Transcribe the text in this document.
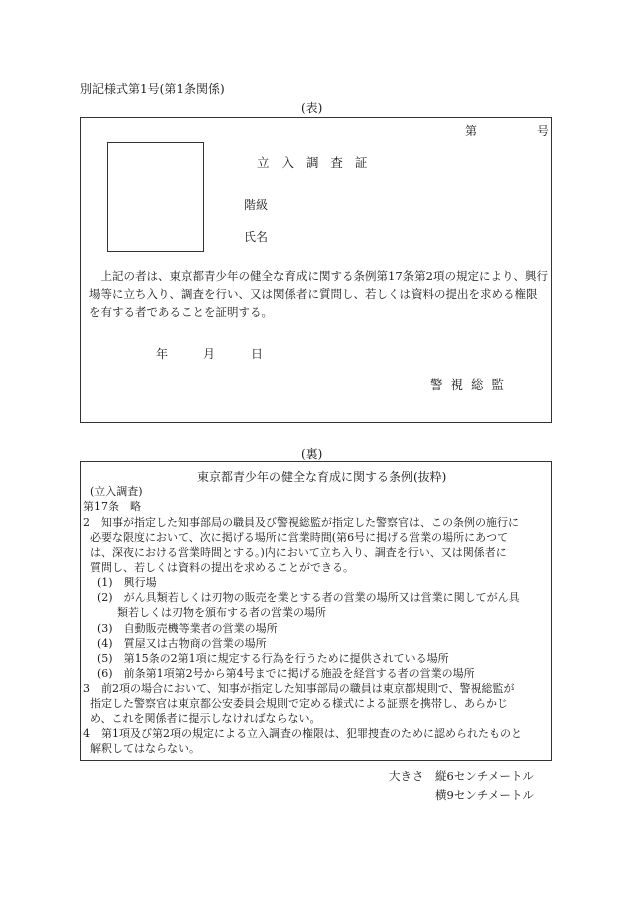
別記様式第1号(第1条関係)
(表)
第	号
立 入 調 査 証
階級
氏名
　上記の者は、東京都青少年の健全な育成に関する条例第17条第2項の規定により、興行
場等に立ち入り、調査を行い、又は関係者に質問し、若しくは資料の提出を求める権限
を有する者であることを証明する。
年	月	日
警 視 総 監
(裏)
東京都青少年の健全な育成に関する条例(抜粋)
(立入調査)
第17条　略
2　知事が指定した知事部局の職員及び警視総監が指定した警察官は、この条例の施行に
必要な限度において、次に掲げる場所に営業時間(第6号に掲げる営業の場所にあつて
は、深夜における営業時間とする。)内において立ち入り、調査を行い、又は関係者に
質問し、若しくは資料の提出を求めることができる。
(1)　興行場
(2)　がん具類若しくは刃物の販売を業とする者の営業の場所又は営業に関してがん具
類若しくは刃物を頒布する者の営業の場所
(3)　自動販売機等業者の営業の場所
(4)　質屋又は古物商の営業の場所
(5)　第15条の2第1項に規定する行為を行うために提供されている場所
(6)　前条第1項第2号から第4号までに掲げる施設を経営する者の営業の場所
3　前2項の場合において、知事が指定した知事部局の職員は東京都規則で、警視総監が
指定した警察官は東京都公安委員会規則で定める様式による証票を携帯し、あらかじ
め、これを関係者に提示しなければならない。
4　第1項及び第2項の規定による立入調査の権限は、犯罪捜査のために認められたものと
解釈してはならない。
大きさ 縦6センチメートル
横9センチメートル
